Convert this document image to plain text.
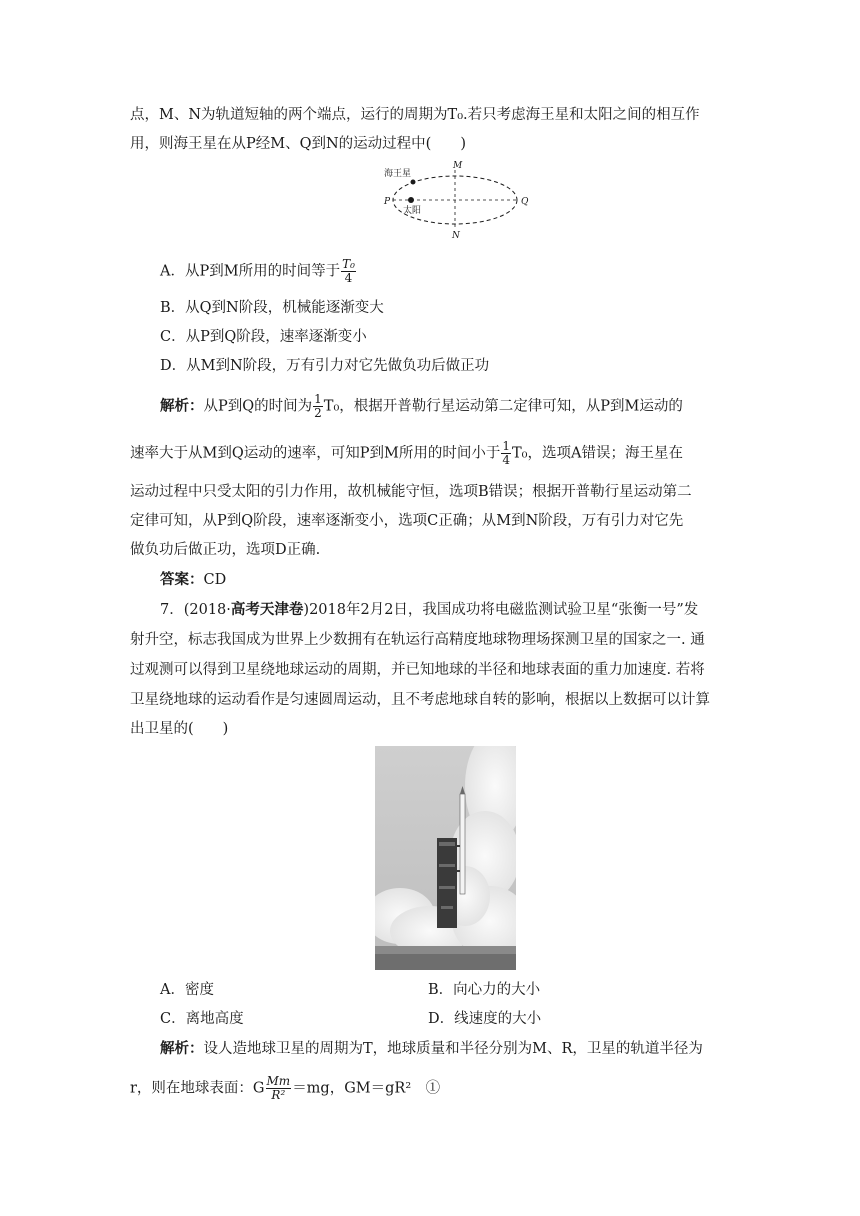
点，M、N为轨道短轴的两个端点，运行的周期为T₀.若只考虑海王星和太阳之间的相互作
用，则海王星在从P经M、Q到N的运动过程中(　　)
海王星
太阳
P	Q
M
N
A．从P到M所用的时间等于 $\frac{\text{T₀}}{4}$
B．从Q到N阶段，机械能逐渐变大
C．从P到Q阶段，速率逐渐变小
D．从M到N阶段，万有引力对它先做负功后做正功
解析：从P到Q的时间为 $\frac{1}{2} T_0$，根据开普勒行星运动第二定律可知，从P到M运动的
速率大于从M到Q运动的速率，可知P到M所用的时间小于 $\frac{1}{4} T_0$，选项A错误；海王星在
运动过程中只受太阳的引力作用，故机械能守恒，选项B错误；根据开普勒行星运动第二
定律可知，从P到Q阶段，速率逐渐变小，选项C正确；从M到N阶段，万有引力对它先
做负功后做正功，选项D正确.
答案：CD
7．(2018·高考天津卷)2018年2月2日，我国成功将电磁监测试验卫星“张衡一号”发
射升空，标志我国成为世界上少数拥有在轨运行高精度地球物理场探测卫星的国家之一. 通
过观测可以得到卫星绕地球运动的周期，并已知地球的半径和地球表面的重力加速度. 若将
卫星绕地球的运动看作是匀速圆周运动，且不考虑地球自转的影响，根据以上数据可以计算
出卫星的(　　)
A．密度	B．向心力的大小
C．离地高度	D．线速度的大小
解析：设人造地球卫星的周期为T，地球质量和半径分别为M、R，卫星的轨道半径为
r，则在地球表面：G $\frac{Mm}{\text{R²}} =mg$，GM＝gR²　①
